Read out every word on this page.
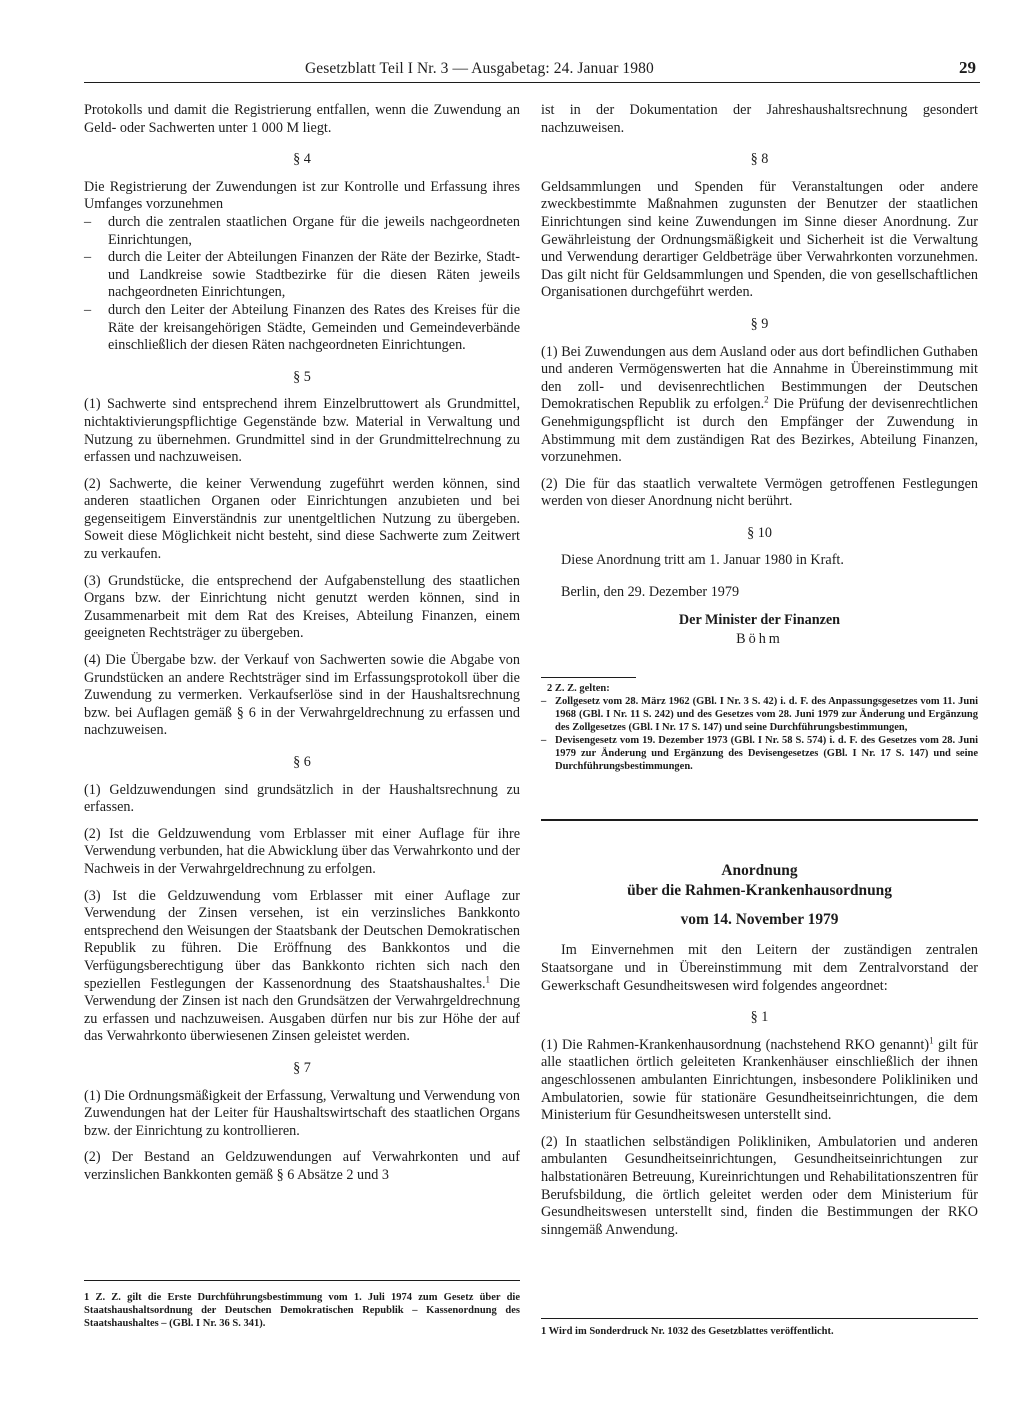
Gesetzblatt Teil I Nr. 3 — Ausgabetag: 24. Januar 1980	29

Protokolls und damit die Registrierung entfallen, wenn die Zuwendung an Geld- oder Sachwerten unter 1 000 M liegt.

§ 4

Die Registrierung der Zuwendungen ist zur Kontrolle und Erfassung ihres Umfanges vorzunehmen

– durch die zentralen staatlichen Organe für die jeweils nachgeordneten Einrichtungen,
– durch die Leiter der Abteilungen Finanzen der Räte der Bezirke, Stadt- und Landkreise sowie Stadtbezirke für die diesen Räten jeweils nachgeordneten Einrichtungen,
– durch den Leiter der Abteilung Finanzen des Rates des Kreises für die Räte der kreisangehörigen Städte, Gemeinden und Gemeindeverbände einschließlich der diesen Räten nachgeordneten Einrichtungen.
§ 5

(1) Sachwerte sind entsprechend ihrem Einzelbruttowert als Grundmittel, nichtaktivierungspflichtige Gegenstände bzw. Material in Verwaltung und Nutzung zu übernehmen. Grundmittel sind in der Grundmittelrechnung zu erfassen und nachzuweisen.

(2) Sachwerte, die keiner Verwendung zugeführt werden können, sind anderen staatlichen Organen oder Einrichtungen anzubieten und bei gegenseitigem Einverständnis zur unentgeltlichen Nutzung zu übergeben. Soweit diese Möglichkeit nicht besteht, sind diese Sachwerte zum Zeitwert zu verkaufen.

(3) Grundstücke, die entsprechend der Aufgabenstellung des staatlichen Organs bzw. der Einrichtung nicht genutzt werden können, sind in Zusammenarbeit mit dem Rat des Kreises, Abteilung Finanzen, einem geeigneten Rechtsträger zu übergeben.

(4) Die Übergabe bzw. der Verkauf von Sachwerten sowie die Abgabe von Grundstücken an andere Rechtsträger sind im Erfassungsprotokoll über die Zuwendung zu vermerken. Verkaufserlöse sind in der Haushaltsrechnung bzw. bei Auflagen gemäß § 6 in der Verwahrgeldrechnung zu erfassen und nachzuweisen.

§ 6

(1) Geldzuwendungen sind grundsätzlich in der Haushaltsrechnung zu erfassen.

(2) Ist die Geldzuwendung vom Erblasser mit einer Auflage für ihre Verwendung verbunden, hat die Abwicklung über das Verwahrkonto und der Nachweis in der Verwahrgeldrechnung zu erfolgen.

(3) Ist die Geldzuwendung vom Erblasser mit einer Auflage zur Verwendung der Zinsen versehen, ist ein verzinsliches Bankkonto entsprechend den Weisungen der Staatsbank der Deutschen Demokratischen Republik zu führen. Die Eröffnung des Bankkontos und die Verfügungsberechtigung über das Bankkonto richten sich nach den speziellen Festlegungen der Kassenordnung des Staatshaushaltes.$^1$ Die Verwendung der Zinsen ist nach den Grundsätzen der Verwahrgeldrechnung zu erfassen und nachzuweisen. Ausgaben dürfen nur bis zur Höhe der auf das Verwahrkonto überwiesenen Zinsen geleistet werden.

§ 7

(1) Die Ordnungsmäßigkeit der Erfassung, Verwaltung und Verwendung von Zuwendungen hat der Leiter für Haushaltswirtschaft des staatlichen Organs bzw. der Einrichtung zu kontrollieren.

(2) Der Bestand an Geldzuwendungen auf Verwahrkonten und auf verzinslichen Bankkonten gemäß § 6 Absätze 2 und 3

1 Z. Z. gilt die Erste Durchführungsbestimmung vom 1. Juli 1974 zum Gesetz über die Staatshaushaltsordnung der Deutschen Demokratischen Republik – Kassenordnung des Staatshaushaltes – (GBl. I Nr. 36 S. 341).

ist in der Dokumentation der Jahreshaushaltsrechnung gesondert nachzuweisen.

§ 8

Geldsammlungen und Spenden für Veranstaltungen oder andere zweckbestimmte Maßnahmen zugunsten der Benutzer der staatlichen Einrichtungen sind keine Zuwendungen im Sinne dieser Anordnung. Zur Gewährleistung der Ordnungsmäßigkeit und Sicherheit ist die Verwaltung und Verwendung derartiger Geldbeträge über Verwahrkonten vorzunehmen. Das gilt nicht für Geldsammlungen und Spenden, die von gesellschaftlichen Organisationen durchgeführt werden.

§ 9

(1) Bei Zuwendungen aus dem Ausland oder aus dort befindlichen Guthaben und anderen Vermögenswerten hat die Annahme in Übereinstimmung mit den zoll- und devisenrechtlichen Bestimmungen der Deutschen Demokratischen Republik zu erfolgen.$^2$ Die Prüfung der devisenrechtlichen Genehmigungspflicht ist durch den Empfänger der Zuwendung in Abstimmung mit dem zuständigen Rat des Bezirkes, Abteilung Finanzen, vorzunehmen.

(2) Die für das staatlich verwaltete Vermögen getroffenen Festlegungen werden von dieser Anordnung nicht berührt.

§ 10

Diese Anordnung tritt am 1. Januar 1980 in Kraft.

Berlin, den 29. Dezember 1979

Der Minister der Finanzen
Böhm
2 Z. Z. gelten:
– Zollgesetz vom 28. März 1962 (GBl. I Nr. 3 S. 42) i. d. F. des Anpassungsgesetzes vom 11. Juni 1968 (GBl. I Nr. 11 S. 242) und des Gesetzes vom 28. Juni 1979 zur Änderung und Ergänzung des Zollgesetzes (GBl. I Nr. 17 S. 147) und seine Durchführungsbestimmungen,
– Devisengesetz vom 19. Dezember 1973 (GBl. I Nr. 58 S. 574) i. d. F. des Gesetzes vom 28. Juni 1979 zur Änderung und Ergänzung des Devisengesetzes (GBl. I Nr. 17 S. 147) und seine Durchführungsbestimmungen.
Anordnung
über die Rahmen-Krankenhausordnung
vom 14. November 1979

Im Einvernehmen mit den Leitern der zuständigen zentralen Staatsorgane und in Übereinstimmung mit dem Zentralvorstand der Gewerkschaft Gesundheitswesen wird folgendes angeordnet:

§ 1

(1) Die Rahmen-Krankenhausordnung (nachstehend RKO genannt)$^1$ gilt für alle staatlichen örtlich geleiteten Krankenhäuser einschließlich der ihnen angeschlossenen ambulanten Einrichtungen, insbesondere Polikliniken und Ambulatorien, sowie für stationäre Gesundheitseinrichtungen, die dem Ministerium für Gesundheitswesen unterstellt sind.

(2) In staatlichen selbständigen Polikliniken, Ambulatorien und anderen ambulanten Gesundheitseinrichtungen, Gesundheitseinrichtungen zur halbstationären Betreuung, Kureinrichtungen und Rehabilitationszentren für Berufsbildung, die örtlich geleitet werden oder dem Ministerium für Gesundheitswesen unterstellt sind, finden die Bestimmungen der RKO sinngemäß Anwendung.

1 Wird im Sonderdruck Nr. 1032 des Gesetzblattes veröffentlicht.
